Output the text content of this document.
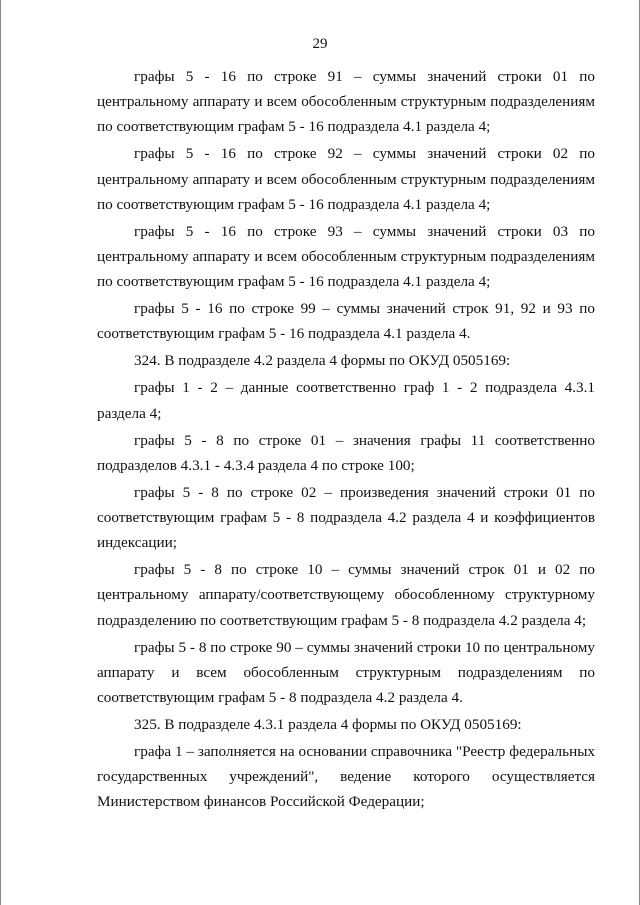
29

графы 5 - 16 по строке 91 – суммы значений строки 01 по центральному аппарату и всем обособленным структурным подразделениям по соответствующим графам 5 - 16 подраздела 4.1 раздела 4;

графы 5 - 16 по строке 92 – суммы значений строки 02 по центральному аппарату и всем обособленным структурным подразделениям по соответствующим графам 5 - 16 подраздела 4.1 раздела 4;

графы 5 - 16 по строке 93 – суммы значений строки 03 по центральному аппарату и всем обособленным структурным подразделениям по соответствующим графам 5 - 16 подраздела 4.1 раздела 4;

графы 5 - 16 по строке 99 – суммы значений строк 91, 92 и 93 по соответствующим графам 5 - 16 подраздела 4.1 раздела 4.

324. В подразделе 4.2 раздела 4 формы по ОКУД 0505169:

графы 1 - 2 – данные соответственно граф 1 - 2 подраздела 4.3.1 раздела 4;

графы 5 - 8 по строке 01 – значения графы 11 соответственно подразделов 4.3.1 - 4.3.4 раздела 4 по строке 100;

графы 5 - 8 по строке 02 – произведения значений строки 01 по соответствующим графам 5 - 8 подраздела 4.2 раздела 4 и коэффициентов индексации;

графы 5 - 8 по строке 10 – суммы значений строк 01 и 02 по центральному аппарату/соответствующему обособленному структурному подразделению по соответствующим графам 5 - 8 подраздела 4.2 раздела 4;

графы 5 - 8 по строке 90 – суммы значений строки 10 по центральному аппарату и всем обособленным структурным подразделениям по соответствующим графам 5 - 8 подраздела 4.2 раздела 4.

325. В подразделе 4.3.1 раздела 4 формы по ОКУД 0505169:

графа 1 – заполняется на основании справочника "Реестр федеральных государственных учреждений", ведение которого осуществляется Министерством финансов Российской Федерации;
